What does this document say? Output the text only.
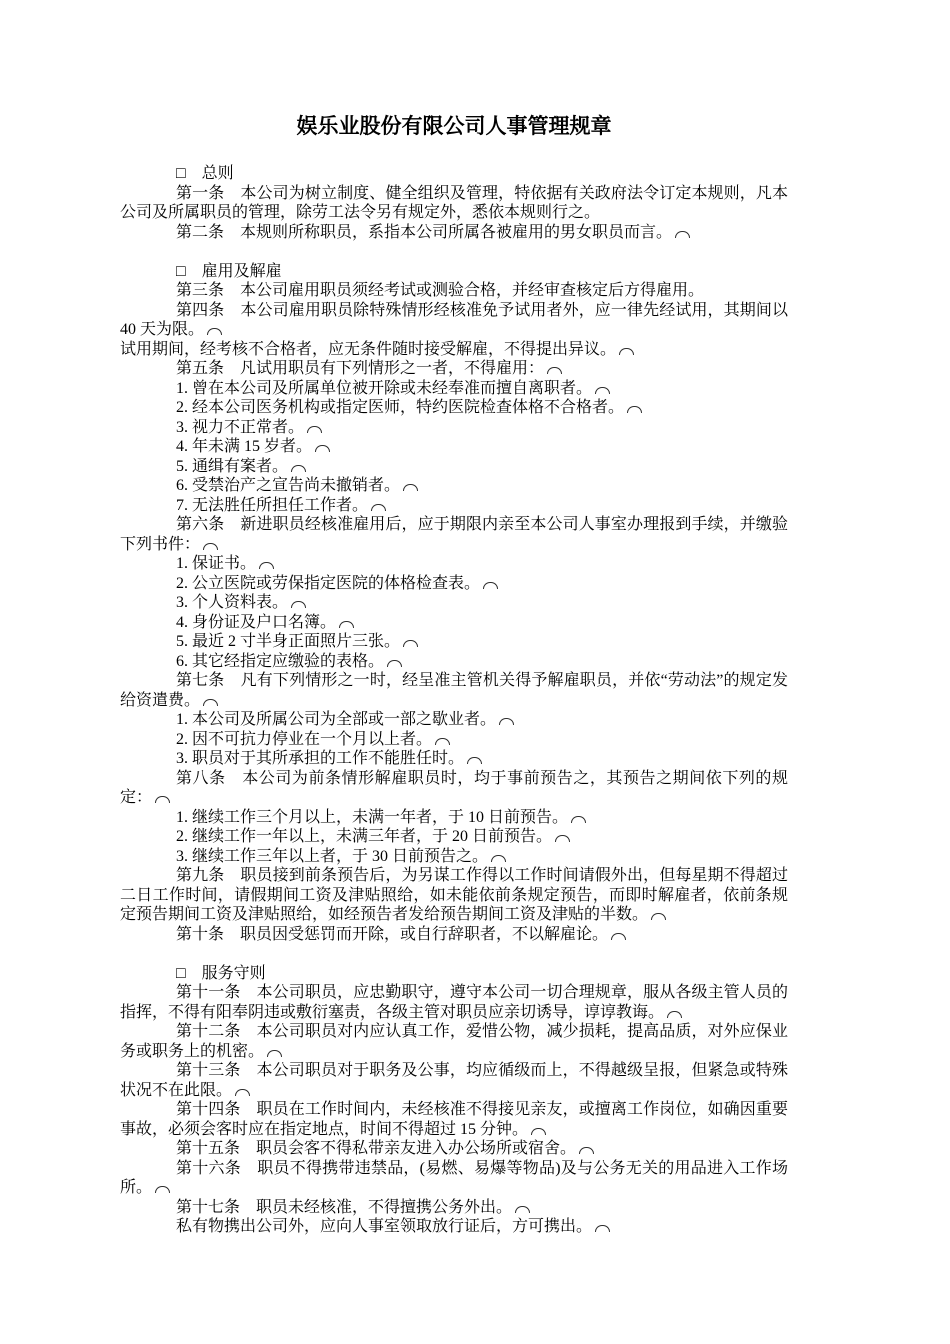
娱乐业股份有限公司人事管理规章

□　总则

第一条　本公司为树立制度、健全组织及管理，特依据有关政府法令订定本规则，凡本公司及所属职员的管理，除劳工法令另有规定外，悉依本规则行之。

第二条　本规则所称职员，系指本公司所属各被雇用的男女职员而言。

□　雇用及解雇

第三条　本公司雇用职员须经考试或测验合格，并经审查核定后方得雇用。

第四条　本公司雇用职员除特殊情形经核准免予试用者外，应一律先经试用，其期间以40 天为限。

试用期间，经考核不合格者，应无条件随时接受解雇，不得提出异议。

第五条　凡试用职员有下列情形之一者，不得雇用：

1. 曾在本公司及所属单位被开除或未经奉准而擅自离职者。

2. 经本公司医务机构或指定医师，特约医院检查体格不合格者。

3. 视力不正常者。

4. 年未满 15 岁者。

5. 通缉有案者。

6. 受禁治产之宣告尚未撤销者。

7. 无法胜任所担任工作者。

第六条　新进职员经核准雇用后，应于期限内亲至本公司人事室办理报到手续，并缴验下列书件：

1. 保证书。

2. 公立医院或劳保指定医院的体格检查表。

3. 个人资料表。

4. 身份证及户口名簿。

5. 最近 2 寸半身正面照片三张。

6. 其它经指定应缴验的表格。

第七条　凡有下列情形之一时，经呈准主管机关得予解雇职员，并依“劳动法”的规定发给资遣费。

1. 本公司及所属公司为全部或一部之歇业者。

2. 因不可抗力停业在一个月以上者。

3. 职员对于其所承担的工作不能胜任时。

第八条　本公司为前条情形解雇职员时，均于事前预告之，其预告之期间依下列的规定：

1. 继续工作三个月以上，未满一年者，于 10 日前预告。

2. 继续工作一年以上，未满三年者，于 20 日前预告。

3. 继续工作三年以上者，于 30 日前预告之。

第九条　职员接到前条预告后，为另谋工作得以工作时间请假外出，但每星期不得超过二日工作时间，请假期间工资及津贴照给，如未能依前条规定预告，而即时解雇者，依前条规定预告期间工资及津贴照给，如经预告者发给预告期间工资及津贴的半数。

第十条　职员因受惩罚而开除，或自行辞职者，不以解雇论。

□　服务守则

第十一条　本公司职员，应忠勤职守，遵守本公司一切合理规章，服从各级主管人员的指挥，不得有阳奉阴违或敷衍塞责，各级主管对职员应亲切诱导，谆谆教诲。

第十二条　本公司职员对内应认真工作，爱惜公物，减少损耗，提高品质，对外应保业务或职务上的机密。

第十三条　本公司职员对于职务及公事，均应循级而上，不得越级呈报，但紧急或特殊状况不在此限。

第十四条　职员在工作时间内，未经核准不得接见亲友，或擅离工作岗位，如确因重要事故，必须会客时应在指定地点，时间不得超过 15 分钟。

第十五条　职员会客不得私带亲友进入办公场所或宿舍。

第十六条　职员不得携带违禁品，(易燃、易爆等物品)及与公务无关的用品进入工作场所。

第十七条　职员未经核准，不得擅携公务外出。

私有物携出公司外，应向人事室领取放行证后，方可携出。
